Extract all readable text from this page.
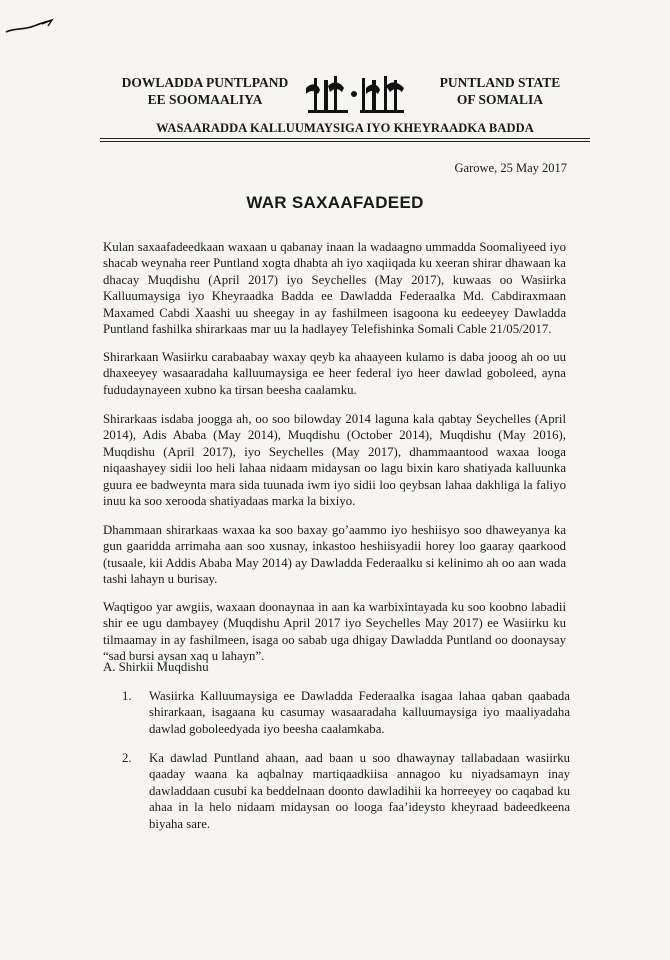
DOWLADDA PUNTLPAND
EE SOOMAALIYA
PUNTLAND STATE
OF SOMALIA
WASAARADDA KALLUUMAYSIGA IYO KHEYRAADKA BADDA
Garowe, 25 May 2017
WAR SAXAAFADEED

Kulan saxaafadeedkaan waxaan u qabanay inaan la wadaagno ummadda Soomaliyeed iyo shacab weynaha reer Puntland xogta dhabta ah iyo xaqiiqada ku xeeran shirar dhawaan ka dhacay Muqdishu (April 2017) iyo Seychelles (May 2017), kuwaas oo Wasiirka Kalluumaysiga iyo Kheyraadka Badda ee Dawladda Federaalka Md. Cabdiraxmaan Maxamed Cabdi Xaashi uu sheegay in ay fashilmeen isagoona ku eedeeyey Dawladda Puntland fashilka shirarkaas mar uu la hadlayey Telefishinka Somali Cable 21/05/2017.

Shirarkaan Wasiirku carabaabay waxay qeyb ka ahaayeen kulamo is daba jooog ah oo uu dhaxeeyey wasaaradaha kalluumaysiga ee heer federal iyo heer dawlad goboleed, ayna fududaynayeen xubno ka tirsan beesha caalamku.

Shirarkaas isdaba joogga ah, oo soo bilowday 2014 laguna kala qabtay Seychelles (April 2014), Adis Ababa (May 2014), Muqdishu (October 2014), Muqdishu (May 2016), Muqdishu (April 2017), iyo Seychelles (May 2017), dhammaantood waxaa looga niqaashayey sidii loo heli lahaa nidaam midaysan oo lagu bixin karo shatiyada kalluunka guura ee badweynta mara sida tuunada iwm iyo sidii loo qeybsan lahaa dakhliga la faliyo inuu ka soo xerooda shatiyadaas marka la bixiyo.

Dhammaan shirarkaas waxaa ka soo baxay go’aammo iyo heshiisyo soo dhaweyanya ka gun gaaridda arrimaha aan soo xusnay, inkastoo heshiisyadii horey loo gaaray qaarkood (tusaale, kii Addis Ababa May 2014) ay Dawladda Federaalku si kelinimo ah oo aan wada tashi lahayn u burisay.

Waqtigoo yar awgiis, waxaan doonaynaa in aan ka warbixintayada ku soo koobno labadii shir ee ugu dambayey (Muqdishu April 2017 iyo Seychelles May 2017) ee Wasiirku ku tilmaamay in ay fashilmeen, isaga oo sabab uga dhigay Dawladda Puntland oo doonaysay “sad bursi aysan xaq u lahayn”.

A. Shirkii Muqdishu
1.	Wasiirka Kalluumaysiga ee Dawladda Federaalka isagaa lahaa qaban qaabada shirarkaan, isagaana ku casumay wasaaradaha kalluumaysiga iyo maaliyadaha dawlad goboleedyada iyo beesha caalamkaba.
2.	Ka dawlad Puntland ahaan, aad baan u soo dhawaynay tallabadaan wasiirku qaaday waana ka aqbalnay martiqaadkiisa annagoo ku niyadsamayn inay dawladdaan cusubi ka beddelnaan doonto dawladihii ka horreeyey oo caqabad ku ahaa in la helo nidaam midaysan oo looga faa’ideysto kheyraad badeedkeena biyaha sare.
